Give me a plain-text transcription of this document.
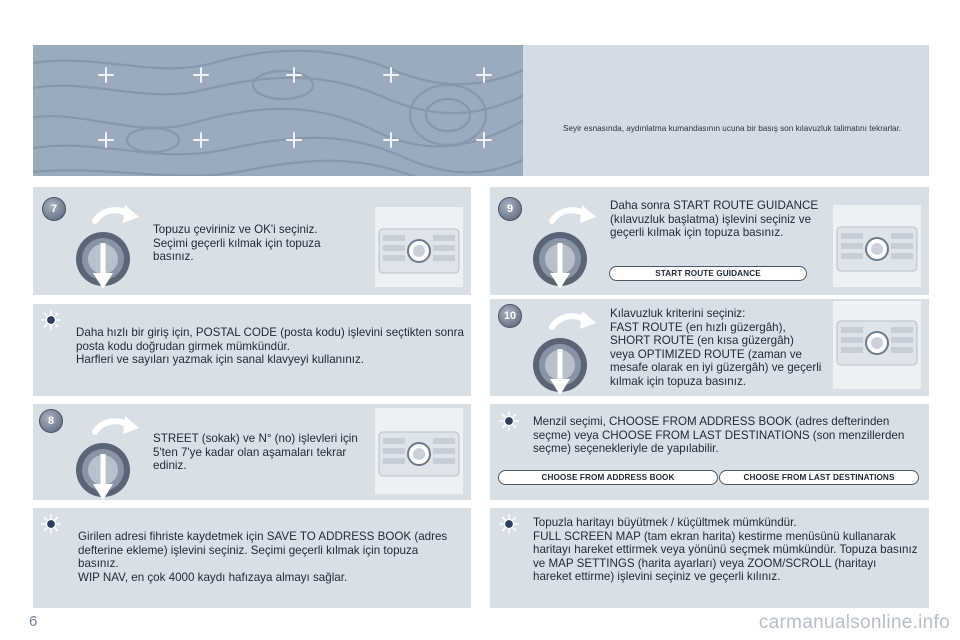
Seyir esnasında, aydınlatma kumandasının ucuna bir basış son kılavuzluk talimatını tekrarlar.

7
Topuzu çeviriniz ve OK'i seçiniz. Seçimi geçerli kılmak için topuza basınız.
Daha hızlı bir giriş için, POSTAL CODE (posta kodu) işlevini seçtikten sonra posta kodu doğrudan girmek mümkündür.
Harfleri ve sayıları yazmak için sanal klavyeyi kullanınız.
8
STREET (sokak) ve N° (no) işlevleri için 5'ten 7'ye kadar olan aşamaları tekrar ediniz.
Girilen adresi fihriste kaydetmek için SAVE TO ADDRESS BOOK (adres defterine ekleme) işlevini seçiniz. Seçimi geçerli kılmak için topuza basınız.
WIP NAV, en çok 4000 kaydı hafızaya almayı sağlar.
9	Daha sonra START ROUTE GUIDANCE (kılavuzluk başlatma) işlevini seçiniz ve geçerli kılmak için topuza basınız.
START ROUTE GUIDANCE
10	Kılavuzluk kriterini seçiniz:
FAST ROUTE (en hızlı güzergâh),
SHORT ROUTE (en kısa güzergâh)
veya OPTIMIZED ROUTE (zaman ve mesafe olarak en iyi güzergâh) ve geçerli kılmak için topuza basınız.
Menzil seçimi, CHOOSE FROM ADDRESS BOOK (adres defterinden seçme) veya CHOOSE FROM LAST DESTINATIONS (son menzillerden seçme) seçenekleriyle de yapılabilir.
CHOOSE FROM ADDRESS BOOK	CHOOSE FROM LAST DESTINATIONS
Topuzla haritayı büyütmek / küçültmek mümkündür.
FULL SCREEN MAP (tam ekran harita) kestirme menüsünü kullanarak haritayı hareket ettirmek veya yönünü seçmek mümkündür. Topuza basınız ve MAP SETTINGS (harita ayarları) veya ZOOM/SCROLL (haritayı hareket ettirme) işlevini seçiniz ve geçerli kılınız.
6	carmanualsonline.info
